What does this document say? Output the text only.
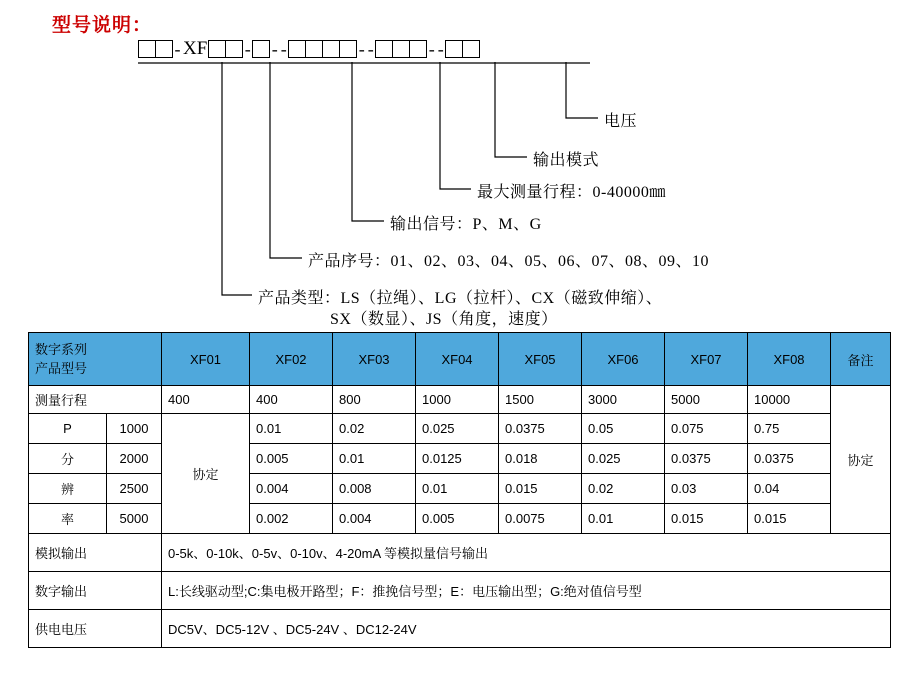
型号说明：
- XF - - -	- -	- -
电压
输出模式
最大测量行程：0-40000㎜
输出信号：P、M、G
产品序号：01、02、03、04、05、06、07、08、09、10
产品类型：LS（拉绳）、LG（拉杆）、CX（磁致伸缩）、
SX（数显）、JS（角度，速度）
数字系列
产品型号		XF01	XF02	XF03	XF04	XF05	XF06	XF07	XF08	备注
测量行程		400	400	800	1000	1500	3000	5000	10000	协定
P	1000	协定	0.01	0.02	0.025	0.0375	0.05	0.075	0.75	
分	2000		0.005	0.01	0.0125	0.018	0.025	0.0375	0.0375	
辨	2500		0.004	0.008	0.01	0.015	0.02	0.03	0.04	
率	5000		0.002	0.004	0.005	0.0075	0.01	0.015	0.015	
模拟输出		0-5k、0-10k、0-5v、0-10v、4-20mA 等模拟量信号输出								
数字输出		L:长线驱动型;C:集电极开路型；F：推挽信号型；E：电压输出型；G:绝对值信号型								
供电电压		DC5V、DC5-12V 、DC5-24V 、DC12-24V								
